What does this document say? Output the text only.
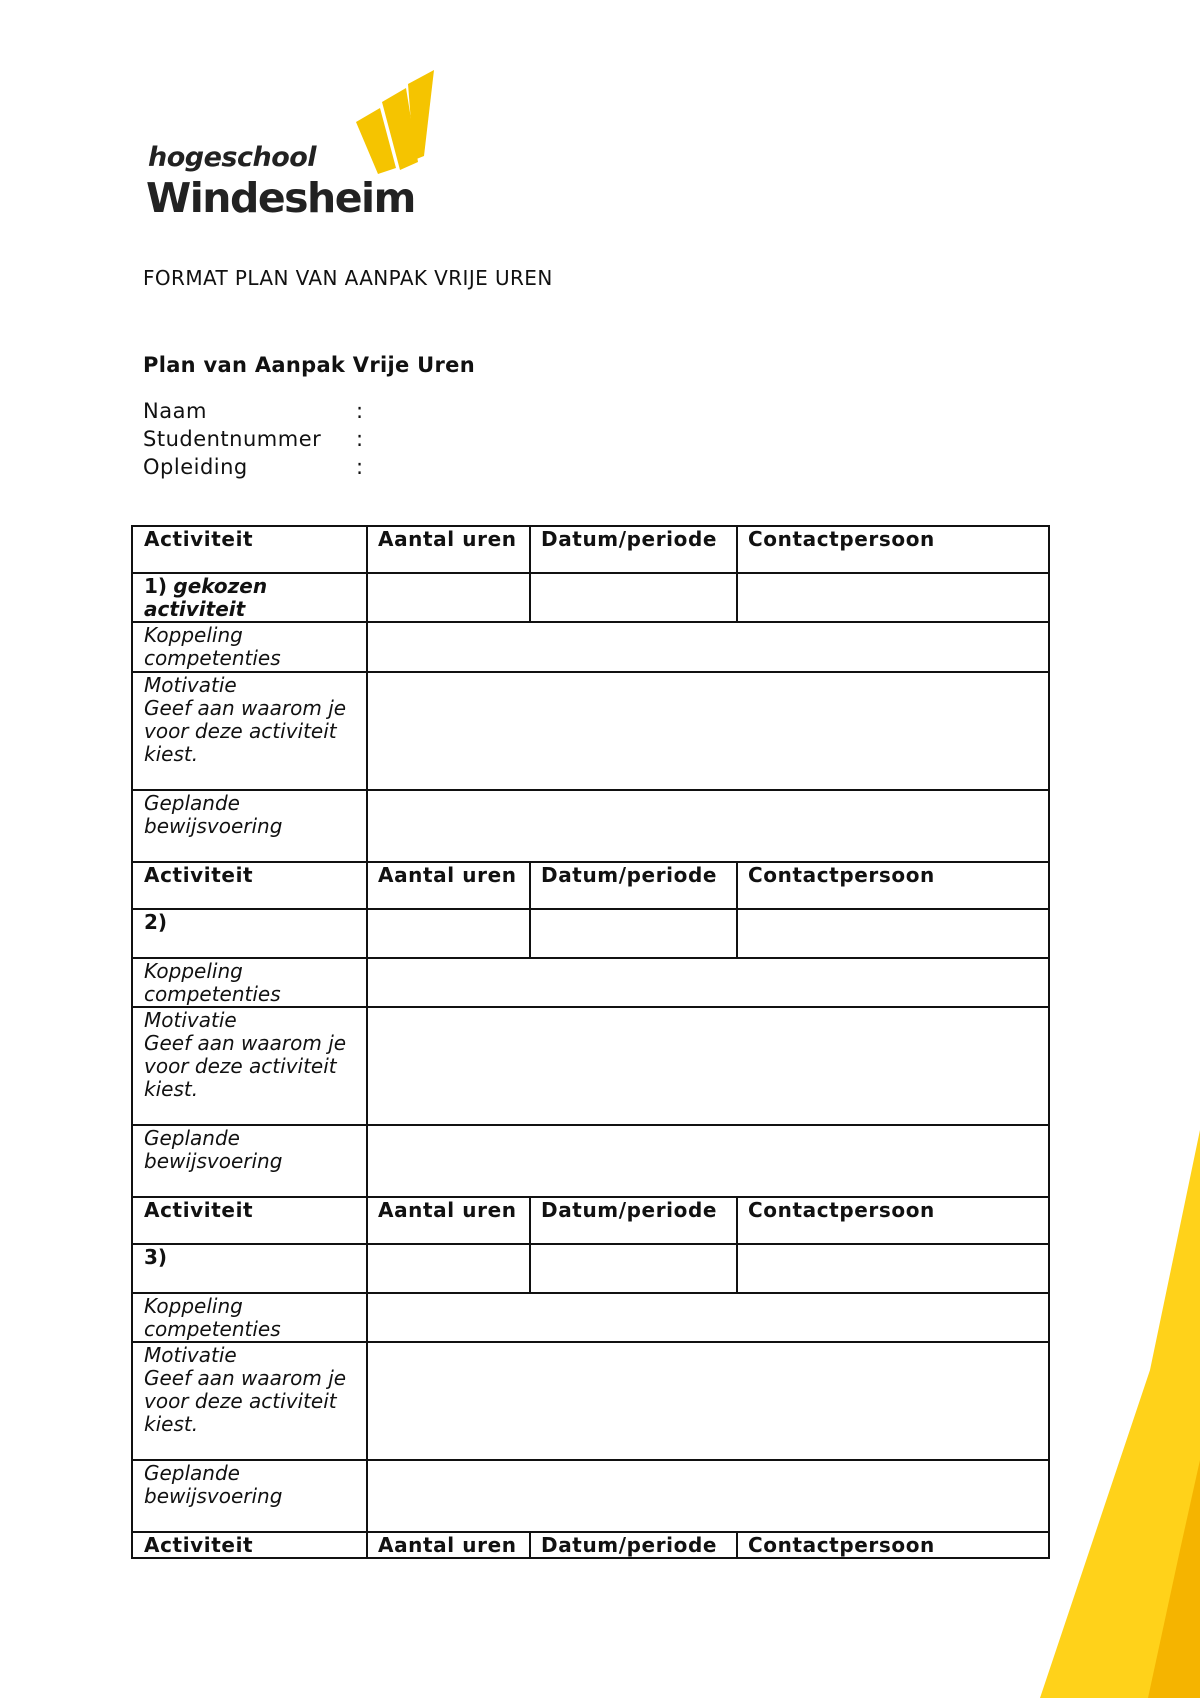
hogeschool
Windesheim
FORMAT PLAN VAN AANPAK VRIJE UREN
Plan van Aanpak Vrije Uren
Naam	:
Studentnummer :
Opleiding	:
Activiteit	Aantal uren	Datum/periode	Contactpersoon
1) gekozen activiteit			
Koppeling competenties			
Motivatie
Geef aan waarom je voor deze activiteit kiest.			
Geplande bewijsvoering			
Activiteit	Aantal uren	Datum/periode	Contactpersoon
2)			
Koppeling competenties			
Motivatie
Geef aan waarom je voor deze activiteit kiest.			
Geplande bewijsvoering			
Activiteit	Aantal uren	Datum/periode	Contactpersoon
3)			
Koppeling competenties			
Motivatie
Geef aan waarom je voor deze activiteit kiest.			
Geplande bewijsvoering			
Activiteit	Aantal uren	Datum/periode	Contactpersoon
